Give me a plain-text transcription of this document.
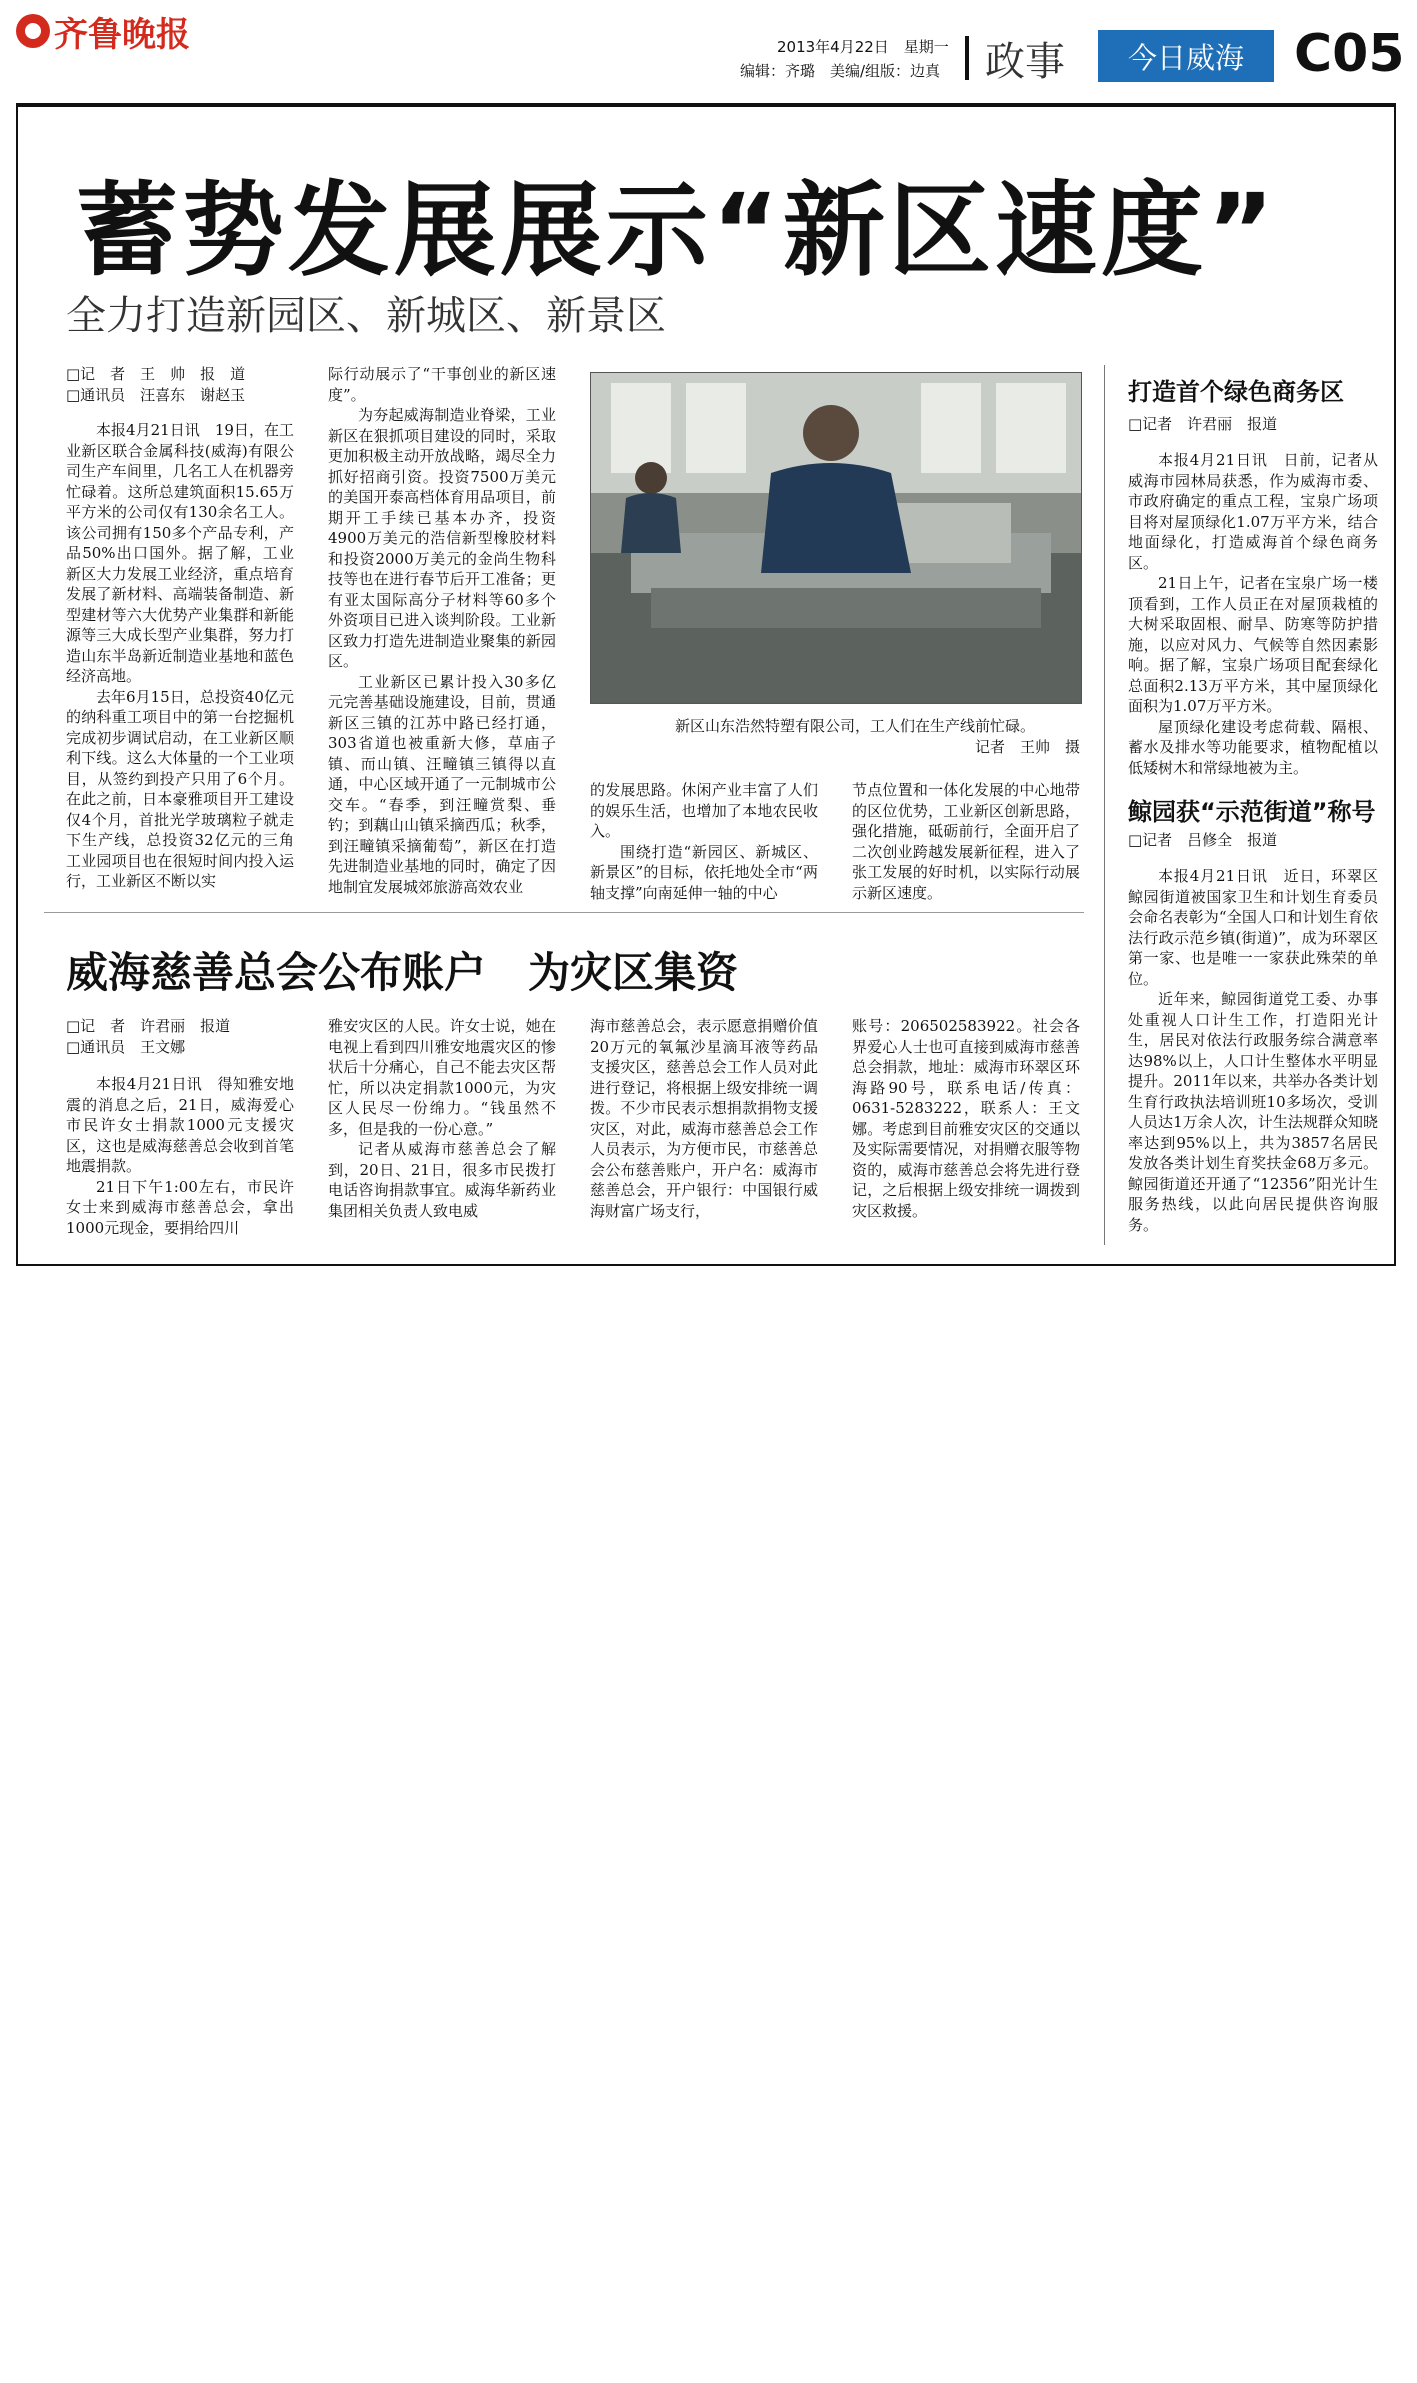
齐鲁晚报	2013年4月22日　星期一
编辑：齐璐　美编/组版：边真 政事	今日威海 C05
蓄势发展展示“新区速度”
全力打造新园区、新城区、新景区
□记　者　王　帅　报　道
□通讯员　汪喜东　谢赵玉

本报4月21日讯　19日，在工业新区联合金属科技(威海)有限公司生产车间里，几名工人在机器旁忙碌着。这所总建筑面积15.65万平方米的公司仅有130余名工人。该公司拥有150多个产品专利，产品50%出口国外。据了解，工业新区大力发展工业经济，重点培育发展了新材料、高端装备制造、新型建材等六大优势产业集群和新能源等三大成长型产业集群，努力打造山东半岛新近制造业基地和蓝色经济高地。

去年6月15日，总投资40亿元的纳科重工项目中的第一台挖掘机完成初步调试启动，在工业新区顺利下线。这么大体量的一个工业项目，从签约到投产只用了6个月。在此之前，日本豪雅项目开工建设仅4个月，首批光学玻璃粒子就走下生产线，总投资32亿元的三角工业园项目也在很短时间内投入运行，工业新区不断以实

际行动展示了“干事创业的新区速度”。

为夯起威海制造业脊梁，工业新区在狠抓项目建设的同时，采取更加积极主动开放战略，竭尽全力抓好招商引资。投资7500万美元的美国开泰高档体育用品项目，前期开工手续已基本办齐，投资4900万美元的浩信新型橡胶材料和投资2000万美元的金尚生物科技等也在进行春节后开工准备；更有亚太国际高分子材料等60多个外资项目已进入谈判阶段。工业新区致力打造先进制造业聚集的新园区。

工业新区已累计投入30多亿元完善基础设施建设，目前，贯通新区三镇的江苏中路已经打通，303省道也被重新大修，草庙子镇、而山镇、汪疃镇三镇得以直通，中心区域开通了一元制城市公交车。“春季，到汪疃赏梨、垂钓；到藕山山镇采摘西瓜；秋季，到汪疃镇采摘葡萄”，新区在打造先进制造业基地的同时，确定了因地制宜发展城郊旅游高效农业

新区山东浩然特塑有限公司，工人们在生产线前忙碌。
记者　王帅　摄

的发展思路。休闲产业丰富了人们的娱乐生活，也增加了本地农民收入。

围绕打造“新园区、新城区、新景区”的目标，依托地处全市“两轴支撑”向南延伸一轴的中心

节点位置和一体化发展的中心地带的区位优势，工业新区创新思路，强化措施，砥砺前行，全面开启了二次创业跨越发展新征程，进入了张工发展的好时机，以实际行动展示新区速度。

打造首个绿色商务区
□记者　许君丽　报道

本报4月21日讯　日前，记者从威海市园林局获悉，作为威海市委、市政府确定的重点工程，宝泉广场项目将对屋顶绿化1.07万平方米，结合地面绿化，打造威海首个绿色商务区。

21日上午，记者在宝泉广场一楼顶看到，工作人员正在对屋顶栽植的大树采取固根、耐旱、防寒等防护措施，以应对风力、气候等自然因素影响。据了解，宝泉广场项目配套绿化总面积2.13万平方米，其中屋顶绿化面积为1.07万平方米。

屋顶绿化建设考虑荷载、隔根、蓄水及排水等功能要求，植物配植以低矮树木和常绿地被为主。

鲸园获“示范街道”称号
□记者　吕修全　报道

本报4月21日讯　近日，环翠区鲸园街道被国家卫生和计划生育委员会命名表彰为“全国人口和计划生育依法行政示范乡镇(街道)”，成为环翠区第一家、也是唯一一家获此殊荣的单位。

近年来，鲸园街道党工委、办事处重视人口计生工作，打造阳光计生，居民对依法行政服务综合满意率达98%以上，人口计生整体水平明显提升。2011年以来，共举办各类计划生育行政执法培训班10多场次，受训人员达1万余人次，计生法规群众知晓率达到95%以上，共为3857名居民发放各类计划生育奖扶金68万多元。鲸园街道还开通了“12356”阳光计生服务热线，以此向居民提供咨询服务。

威海慈善总会公布账户　为灾区集资
□记　者　许君丽　报道
□通讯员　王文娜

本报4月21日讯　得知雅安地震的消息之后，21日，威海爱心市民许女士捐款1000元支援灾区，这也是威海慈善总会收到首笔地震捐款。

21日下午1:00左右，市民许女士来到威海市慈善总会，拿出1000元现金，要捐给四川

雅安灾区的人民。许女士说，她在电视上看到四川雅安地震灾区的惨状后十分痛心，自己不能去灾区帮忙，所以决定捐款1000元，为灾区人民尽一份绵力。“钱虽然不多，但是我的一份心意。”

记者从威海市慈善总会了解到，20日、21日，很多市民拨打电话咨询捐款事宜。威海华新药业集团相关负责人致电威

海市慈善总会，表示愿意捐赠价值20万元的氧氟沙星滴耳液等药品支援灾区，慈善总会工作人员对此进行登记，将根据上级安排统一调拨。不少市民表示想捐款捐物支援灾区，对此，威海市慈善总会工作人员表示，为方便市民，市慈善总会公布慈善账户，开户名：威海市慈善总会，开户银行：中国银行威海财富广场支行，

账号：206502583922。社会各界爱心人士也可直接到威海市慈善总会捐款，地址：威海市环翠区环海路90号，联系电话/传真：0631-5283222，联系人：王文娜。考虑到目前雅安灾区的交通以及实际需要情况，对捐赠衣服等物资的，威海市慈善总会将先进行登记，之后根据上级安排统一调拨到灾区救援。
